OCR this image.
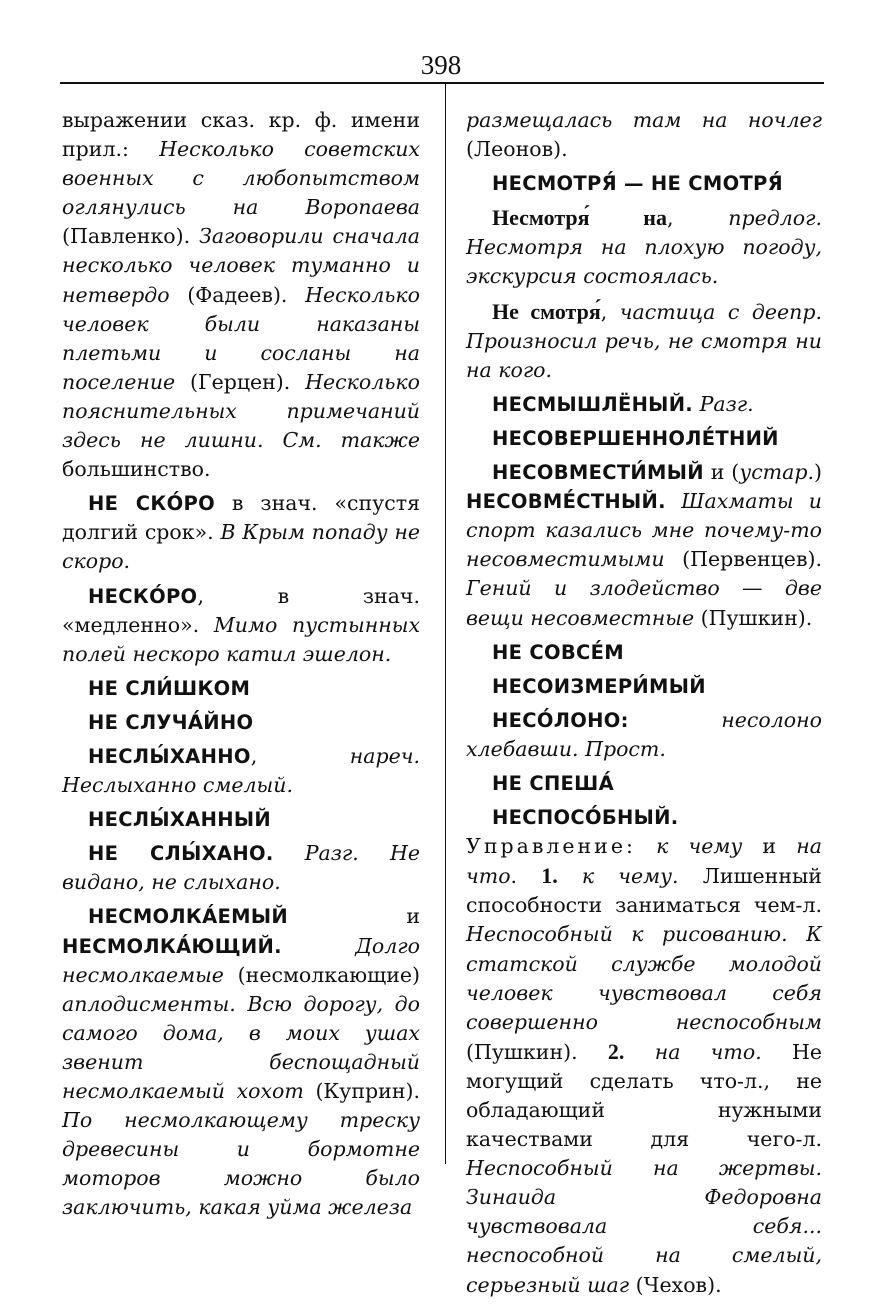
398

выражении сказ. кр. ф. имени прил.: Несколько советских военных с любопытством оглянулись на Воропаева (Павленко). Заговорили сначала несколько человек туманно и нетвердо (Фадеев). Несколько человек были наказаны плетьми и сосланы на поселение (Герцен). Несколько пояснительных примечаний здесь не лишни. См. также большинство.

НЕ СКО́РО в знач. «спустя долгий срок». В Крым попаду не скоро.

НЕСКО́РО, в знач. «медленно». Мимо пустынных полей нескоро катил эшелон.

НЕ СЛИ́ШКОМ

НЕ СЛУЧА́ЙНО

НЕСЛЫ́ХАННО, нареч. Неслыханно смелый.

НЕСЛЫ́ХАННЫЙ

НЕ СЛЫ́ХАНО. Разг. Не видано, не слыхано.

НЕСМОЛКА́ЕМЫЙ и НЕСМОЛКА́ЮЩИЙ.	Долго несмолкаемые (несмолкающие) аплодисменты. Всю дорогу, до самого дома, в моих ушах звенит беспощадный несмолкаемый хохот (Куприн). По несмолкающему треску древесины и бормотне моторов можно было заключить, какая уйма железа

размещалась там на ночлег (Леонов).

НЕСМОТРЯ́ — НЕ СМОТРЯ́

Несмотря́ на, предлог. Несмотря на плохую погоду, экскурсия состоялась.

Не смотря́, частица с деепр. Произносил речь, не смотря ни на кого.

НЕСМЫШЛЁНЫЙ. Разг.

НЕСОВЕРШЕННОЛЕ́ТНИЙ

НЕСОВМЕСТИ́МЫЙ и (устар.) НЕСОВМЕ́СТНЫЙ. Шахматы и спорт казались мне почему-то несовместимыми (Первенцев). Гений и злодейство — две вещи несовместные (Пушкин).

НЕ СОВСЕ́М

НЕСОИЗМЕРИ́МЫЙ

НЕСО́ЛОНО:	несолоно хлебавши. Прост.

НЕ СПЕША́

НЕСПОСО́БНЫЙ. Управление: к чему и на что. 1. к чему. Лишенный способности заниматься чем-л. Неспособный к рисованию. К статской службе молодой человек чувствовал себя совершенно неспособным (Пушкин). 2. на что. Не могущий сделать что-л., не обладающий нужными качествами для чего-л. Неспособный на жертвы. Зинаида Федоровна чувствовала себя... неспособной на смелый, серьезный шаг (Чехов).
